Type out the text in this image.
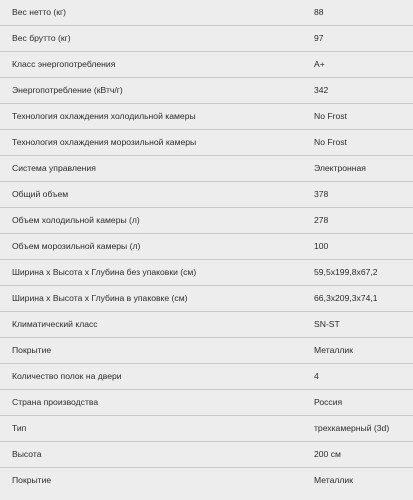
Вес нетто (кг)	88
Вес брутто (кг)	97
Класс энергопотребления	A+
Энергопотребление (кВтч/г)	342
Технология охлаждения холодильной камеры	No Frost
Технология охлаждения морозильной камеры	No Frost
Система управления	Электронная
Общий объем	378
Объем холодильной камеры (л)	278
Объем морозильной камеры (л)	100
Ширина x Высота x Глубина без упаковки (см)	59,5x199,8x67,2
Ширина x Высота x Глубина в упаковке (см)	66,3x209,3x74,1
Климатический класс	SN-ST
Покрытие	Металлик
Количество полок на двери	4
Страна производства	Россия
Тип	трехкамерный (3d)
Высота	200 см
Покрытие	Металлик
